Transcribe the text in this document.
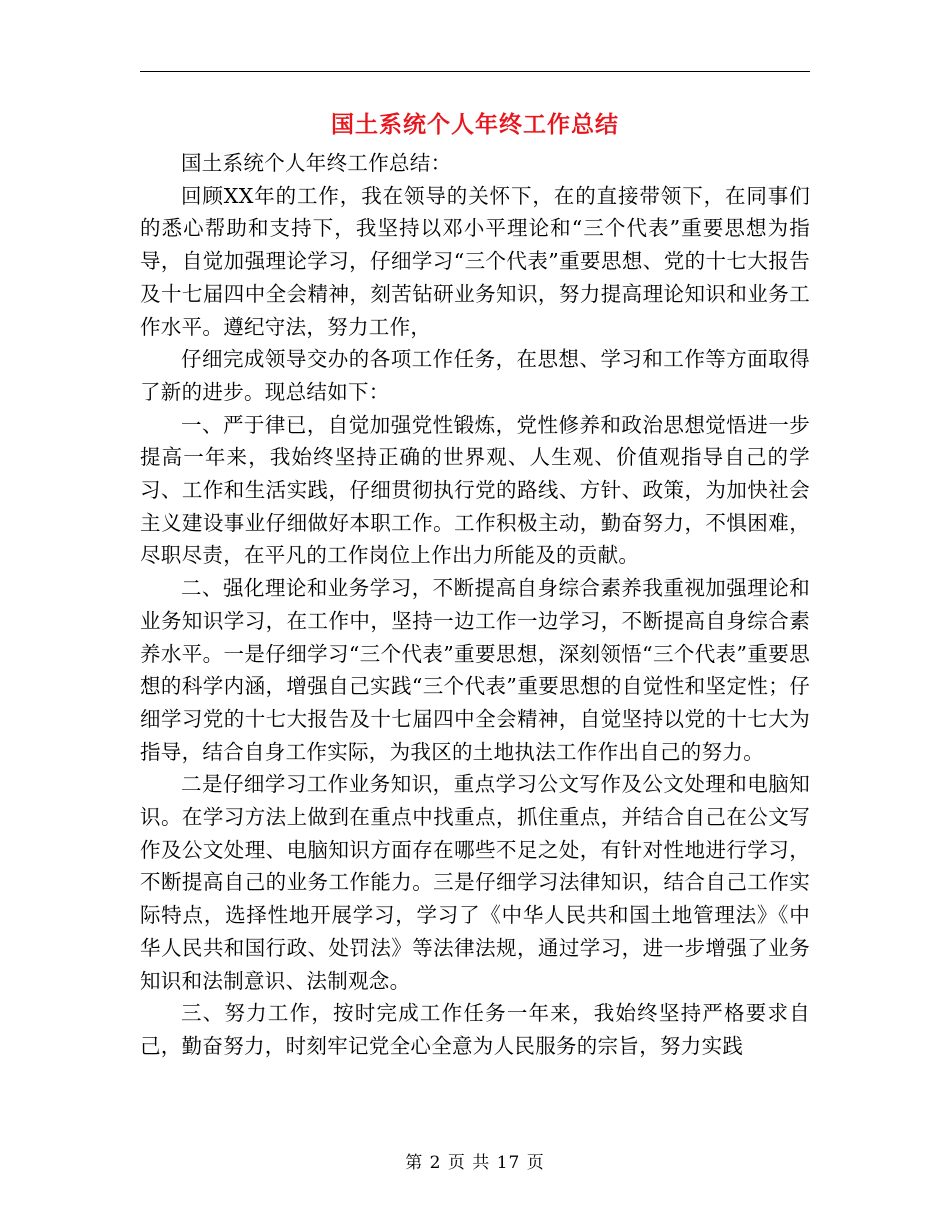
国土系统个人年终工作总结

国土系统个人年终工作总结：

回顾XX年的工作，我在领导的关怀下，在的直接带领下，在同事们的悉心帮助和支持下，我坚持以邓小平理论和“三个代表”重要思想为指导，自觉加强理论学习，仔细学习“三个代表”重要思想、党的十七大报告及十七届四中全会精神，刻苦钻研业务知识，努力提高理论知识和业务工作水平。遵纪守法，努力工作，

仔细完成领导交办的各项工作任务，在思想、学习和工作等方面取得了新的进步。现总结如下：

一、严于律已，自觉加强党性锻炼，党性修养和政治思想觉悟进一步提高一年来，我始终坚持正确的世界观、人生观、价值观指导自己的学习、工作和生活实践，仔细贯彻执行党的路线、方针、政策，为加快社会主义建设事业仔细做好本职工作。工作积极主动，勤奋努力，不惧困难，尽职尽责，在平凡的工作岗位上作出力所能及的贡献。

二、强化理论和业务学习，不断提高自身综合素养我重视加强理论和业务知识学习，在工作中，坚持一边工作一边学习，不断提高自身综合素养水平。一是仔细学习“三个代表”重要思想，深刻领悟“三个代表”重要思想的科学内涵，增强自己实践“三个代表”重要思想的自觉性和坚定性；仔细学习党的十七大报告及十七届四中全会精神，自觉坚持以党的十七大为指导，结合自身工作实际，为我区的土地执法工作作出自己的努力。

二是仔细学习工作业务知识，重点学习公文写作及公文处理和电脑知识。在学习方法上做到在重点中找重点，抓住重点，并结合自己在公文写作及公文处理、电脑知识方面存在哪些不足之处，有针对性地进行学习，不断提高自己的业务工作能力。三是仔细学习法律知识，结合自己工作实际特点，选择性地开展学习，学习了《中华人民共和国土地管理法》《中华人民共和国行政、处罚法》等法律法规，通过学习，进一步增强了业务知识和法制意识、法制观念。

三、努力工作，按时完成工作任务一年来，我始终坚持严格要求自己，勤奋努力，时刻牢记党全心全意为人民服务的宗旨，努力实践

第 2 页 共 17 页
